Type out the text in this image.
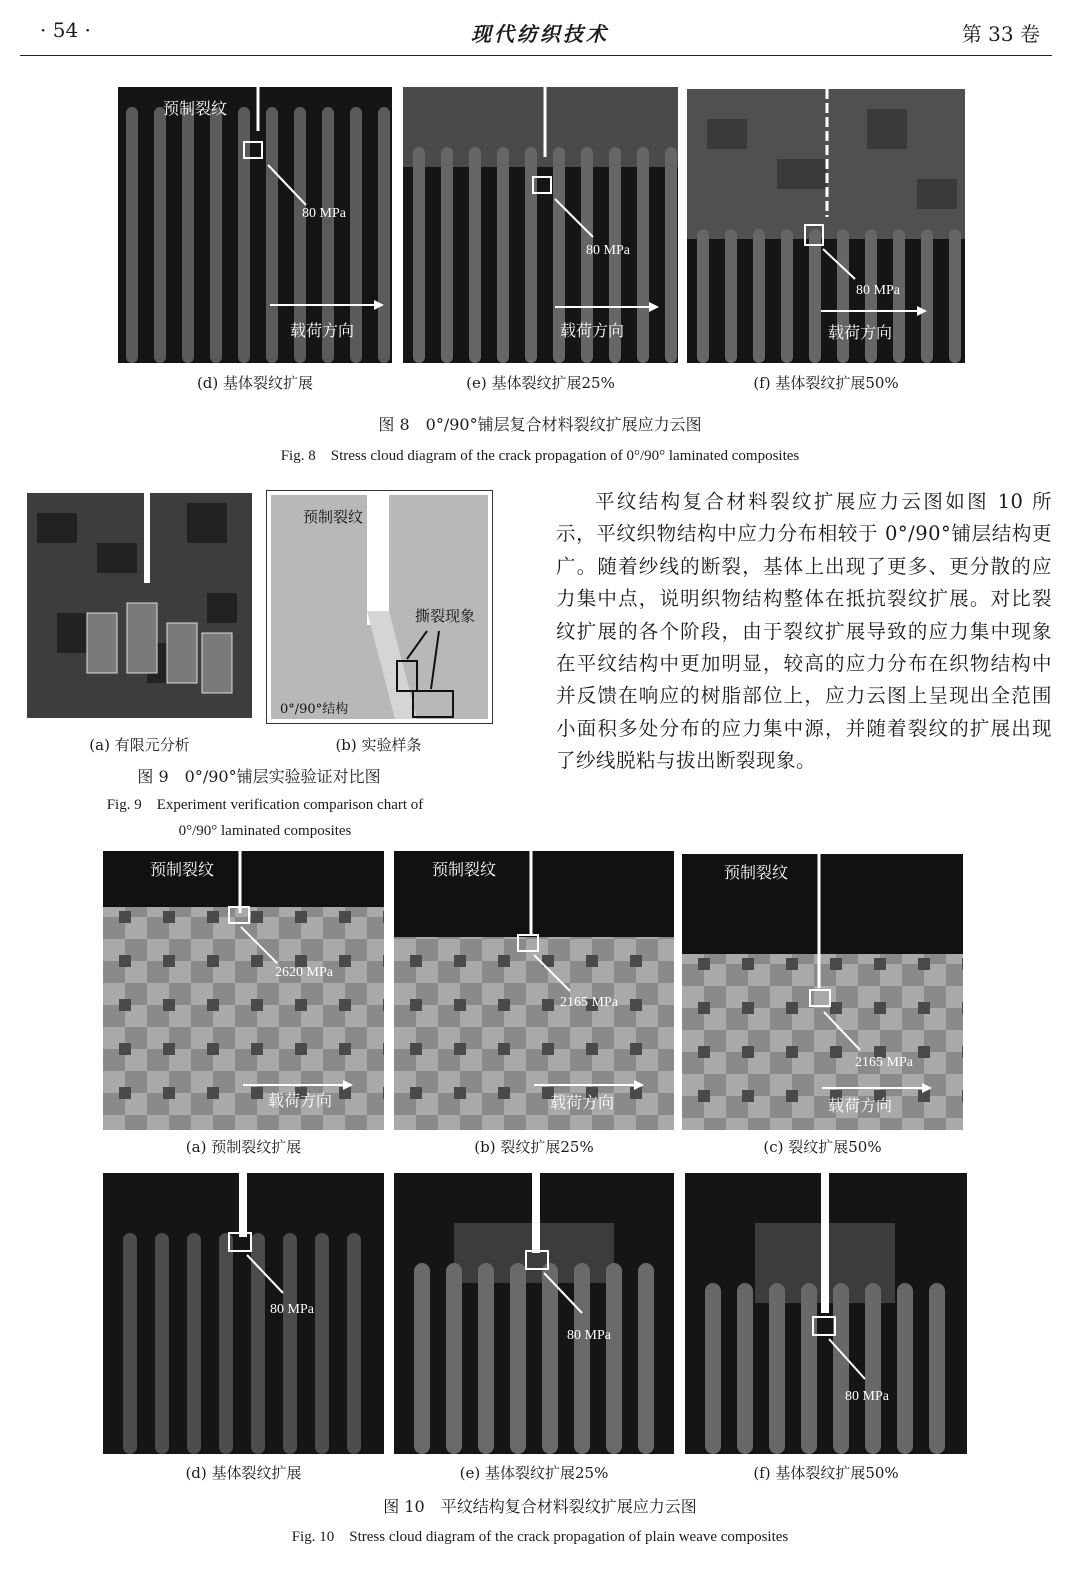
· 54 ·	现代纺织技术	第 33 卷
预制裂纹
80 MPa
载荷方向
80 MPa
载荷方向
80 MPa
载荷方向
(d) 基体裂纹扩展	(e) 基体裂纹扩展25%	(f) 基体裂纹扩展50%
图 8　0°/90°铺层复合材料裂纹扩展应力云图
Fig. 8　Stress cloud diagram of the crack propagation of 0°/90° laminated composites
预制裂纹
撕裂现象
0°/90°结构
(a) 有限元分析	(b) 实验样条
图 9　0°/90°铺层实验验证对比图
Fig. 9　Experiment verification comparison chart of
0°/90° laminated composites
平纹结构复合材料裂纹扩展应力云图如图 10 所示，平纹织物结构中应力分布相较于 0°/90°铺层结构更广。随着纱线的断裂，基体上出现了更多、更分散的应力集中点，说明织物结构整体在抵抗裂纹扩展。对比裂纹扩展的各个阶段，由于裂纹扩展导致的应力集中现象在平纹结构中更加明显，较高的应力分布在织物结构中并反馈在响应的树脂部位上，应力云图上呈现出全范围小面积多处分布的应力集中源，并随着裂纹的扩展出现了纱线脱粘与拔出断裂现象。
预制裂纹
2620 MPa
载荷方向
预制裂纹
2165 MPa
载荷方向
预制裂纹
2165 MPa
载荷方向
(a) 预制裂纹扩展	(b) 裂纹扩展25%	(c) 裂纹扩展50%
80 MPa
80 MPa
80 MPa
(d) 基体裂纹扩展	(e) 基体裂纹扩展25%	(f) 基体裂纹扩展50%
图 10　平纹结构复合材料裂纹扩展应力云图
Fig. 10　Stress cloud diagram of the crack propagation of plain weave composites
